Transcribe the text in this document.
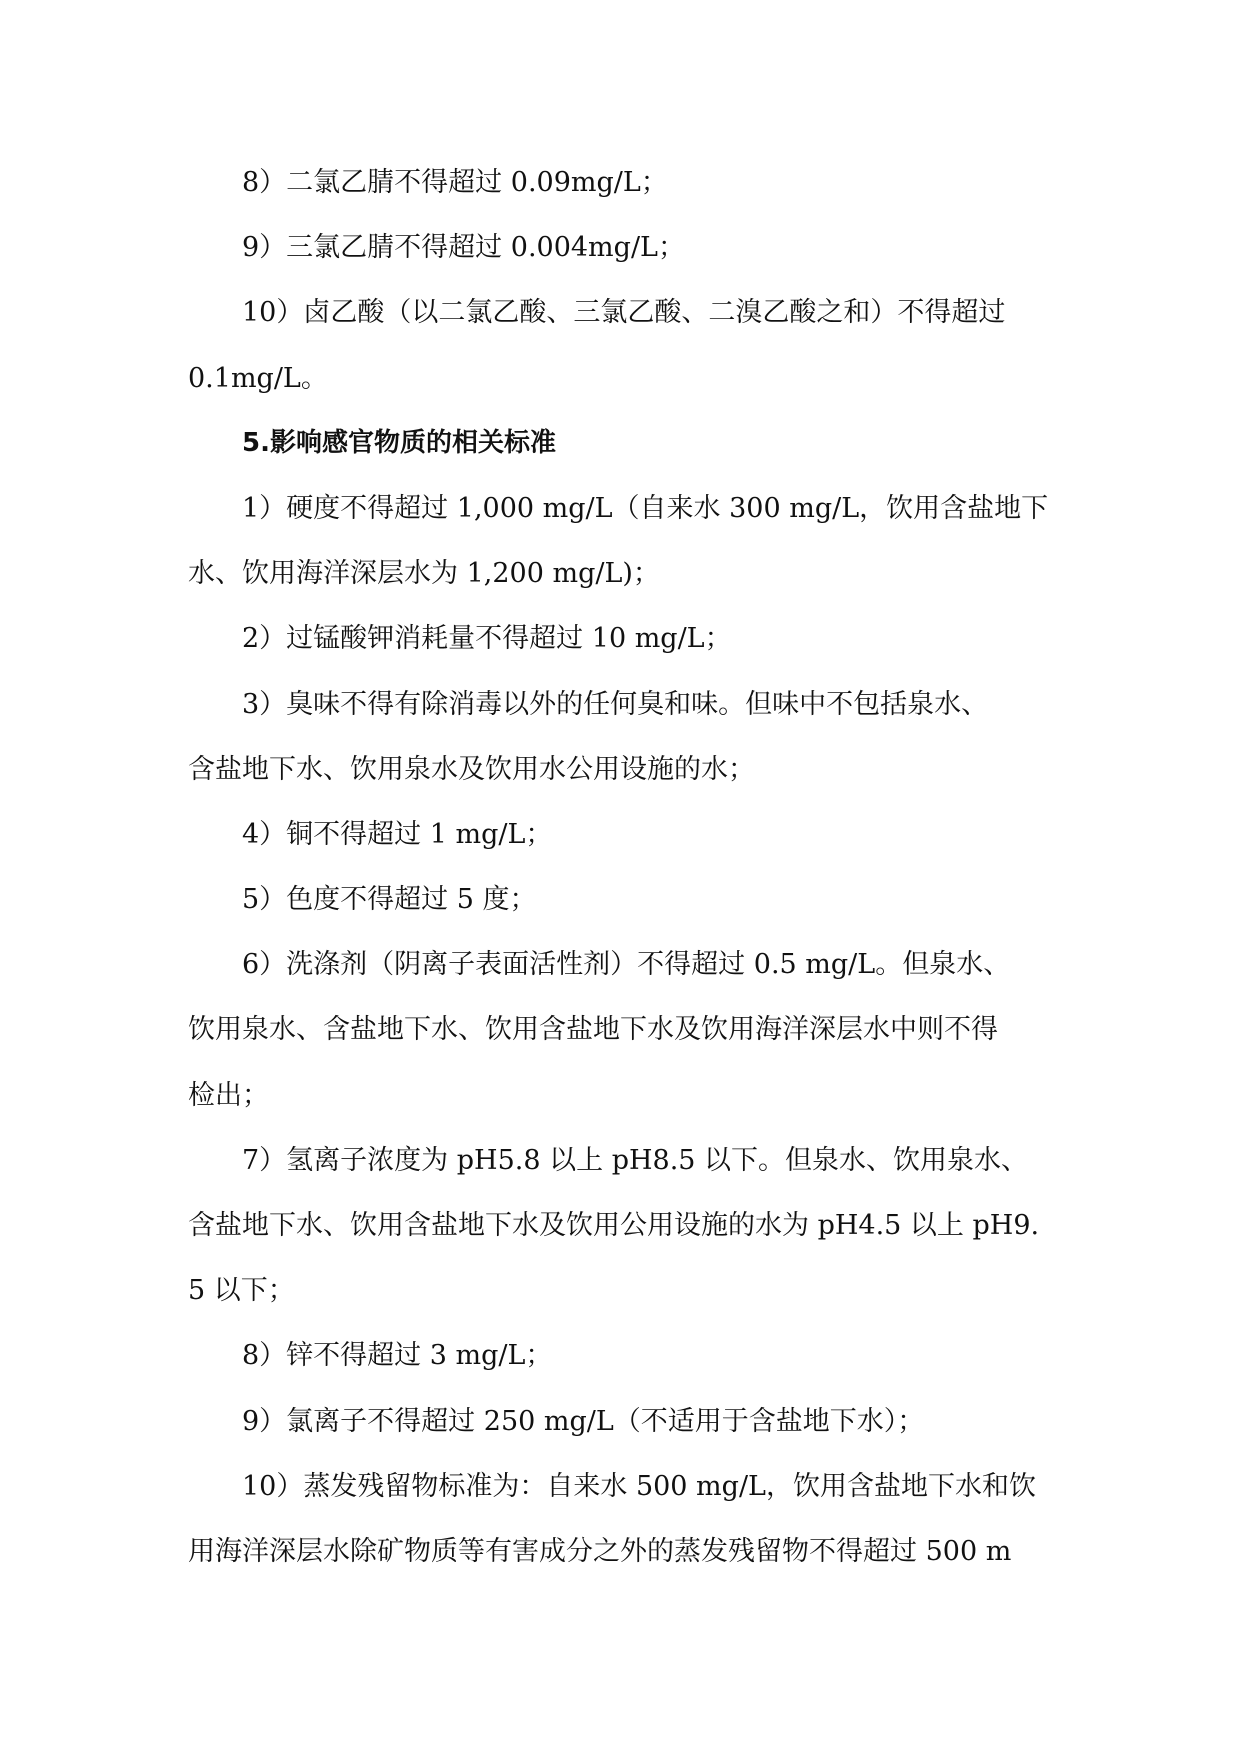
8）二氯乙腈不得超过 0.09mg/L；
9）三氯乙腈不得超过 0.004mg/L；
10）卤乙酸（以二氯乙酸、三氯乙酸、二溴乙酸之和）不得超过
0.1mg/L。
5.影响感官物质的相关标准
1）硬度不得超过 1,000 mg/L（自来水 300 mg/L，饮用含盐地下
水、饮用海洋深层水为 1,200 mg/L)；
2）过锰酸钾消耗量不得超过 10 mg/L；
3）臭味不得有除消毒以外的任何臭和味。但味中不包括泉水、
含盐地下水、饮用泉水及饮用水公用设施的水；
4）铜不得超过 1 mg/L；
5）色度不得超过 5 度；
6）洗涤剂（阴离子表面活性剂）不得超过 0.5 mg/L。但泉水、
饮用泉水、含盐地下水、饮用含盐地下水及饮用海洋深层水中则不得
检出；
7）氢离子浓度为 pH5.8 以上 pH8.5 以下。但泉水、饮用泉水、
含盐地下水、饮用含盐地下水及饮用公用设施的水为 pH4.5 以上 pH9.
5 以下；
8）锌不得超过 3 mg/L；
9）氯离子不得超过 250 mg/L（不适用于含盐地下水）；
10）蒸发残留物标准为：自来水 500 mg/L，饮用含盐地下水和饮
用海洋深层水除矿物质等有害成分之外的蒸发残留物不得超过 500 m
